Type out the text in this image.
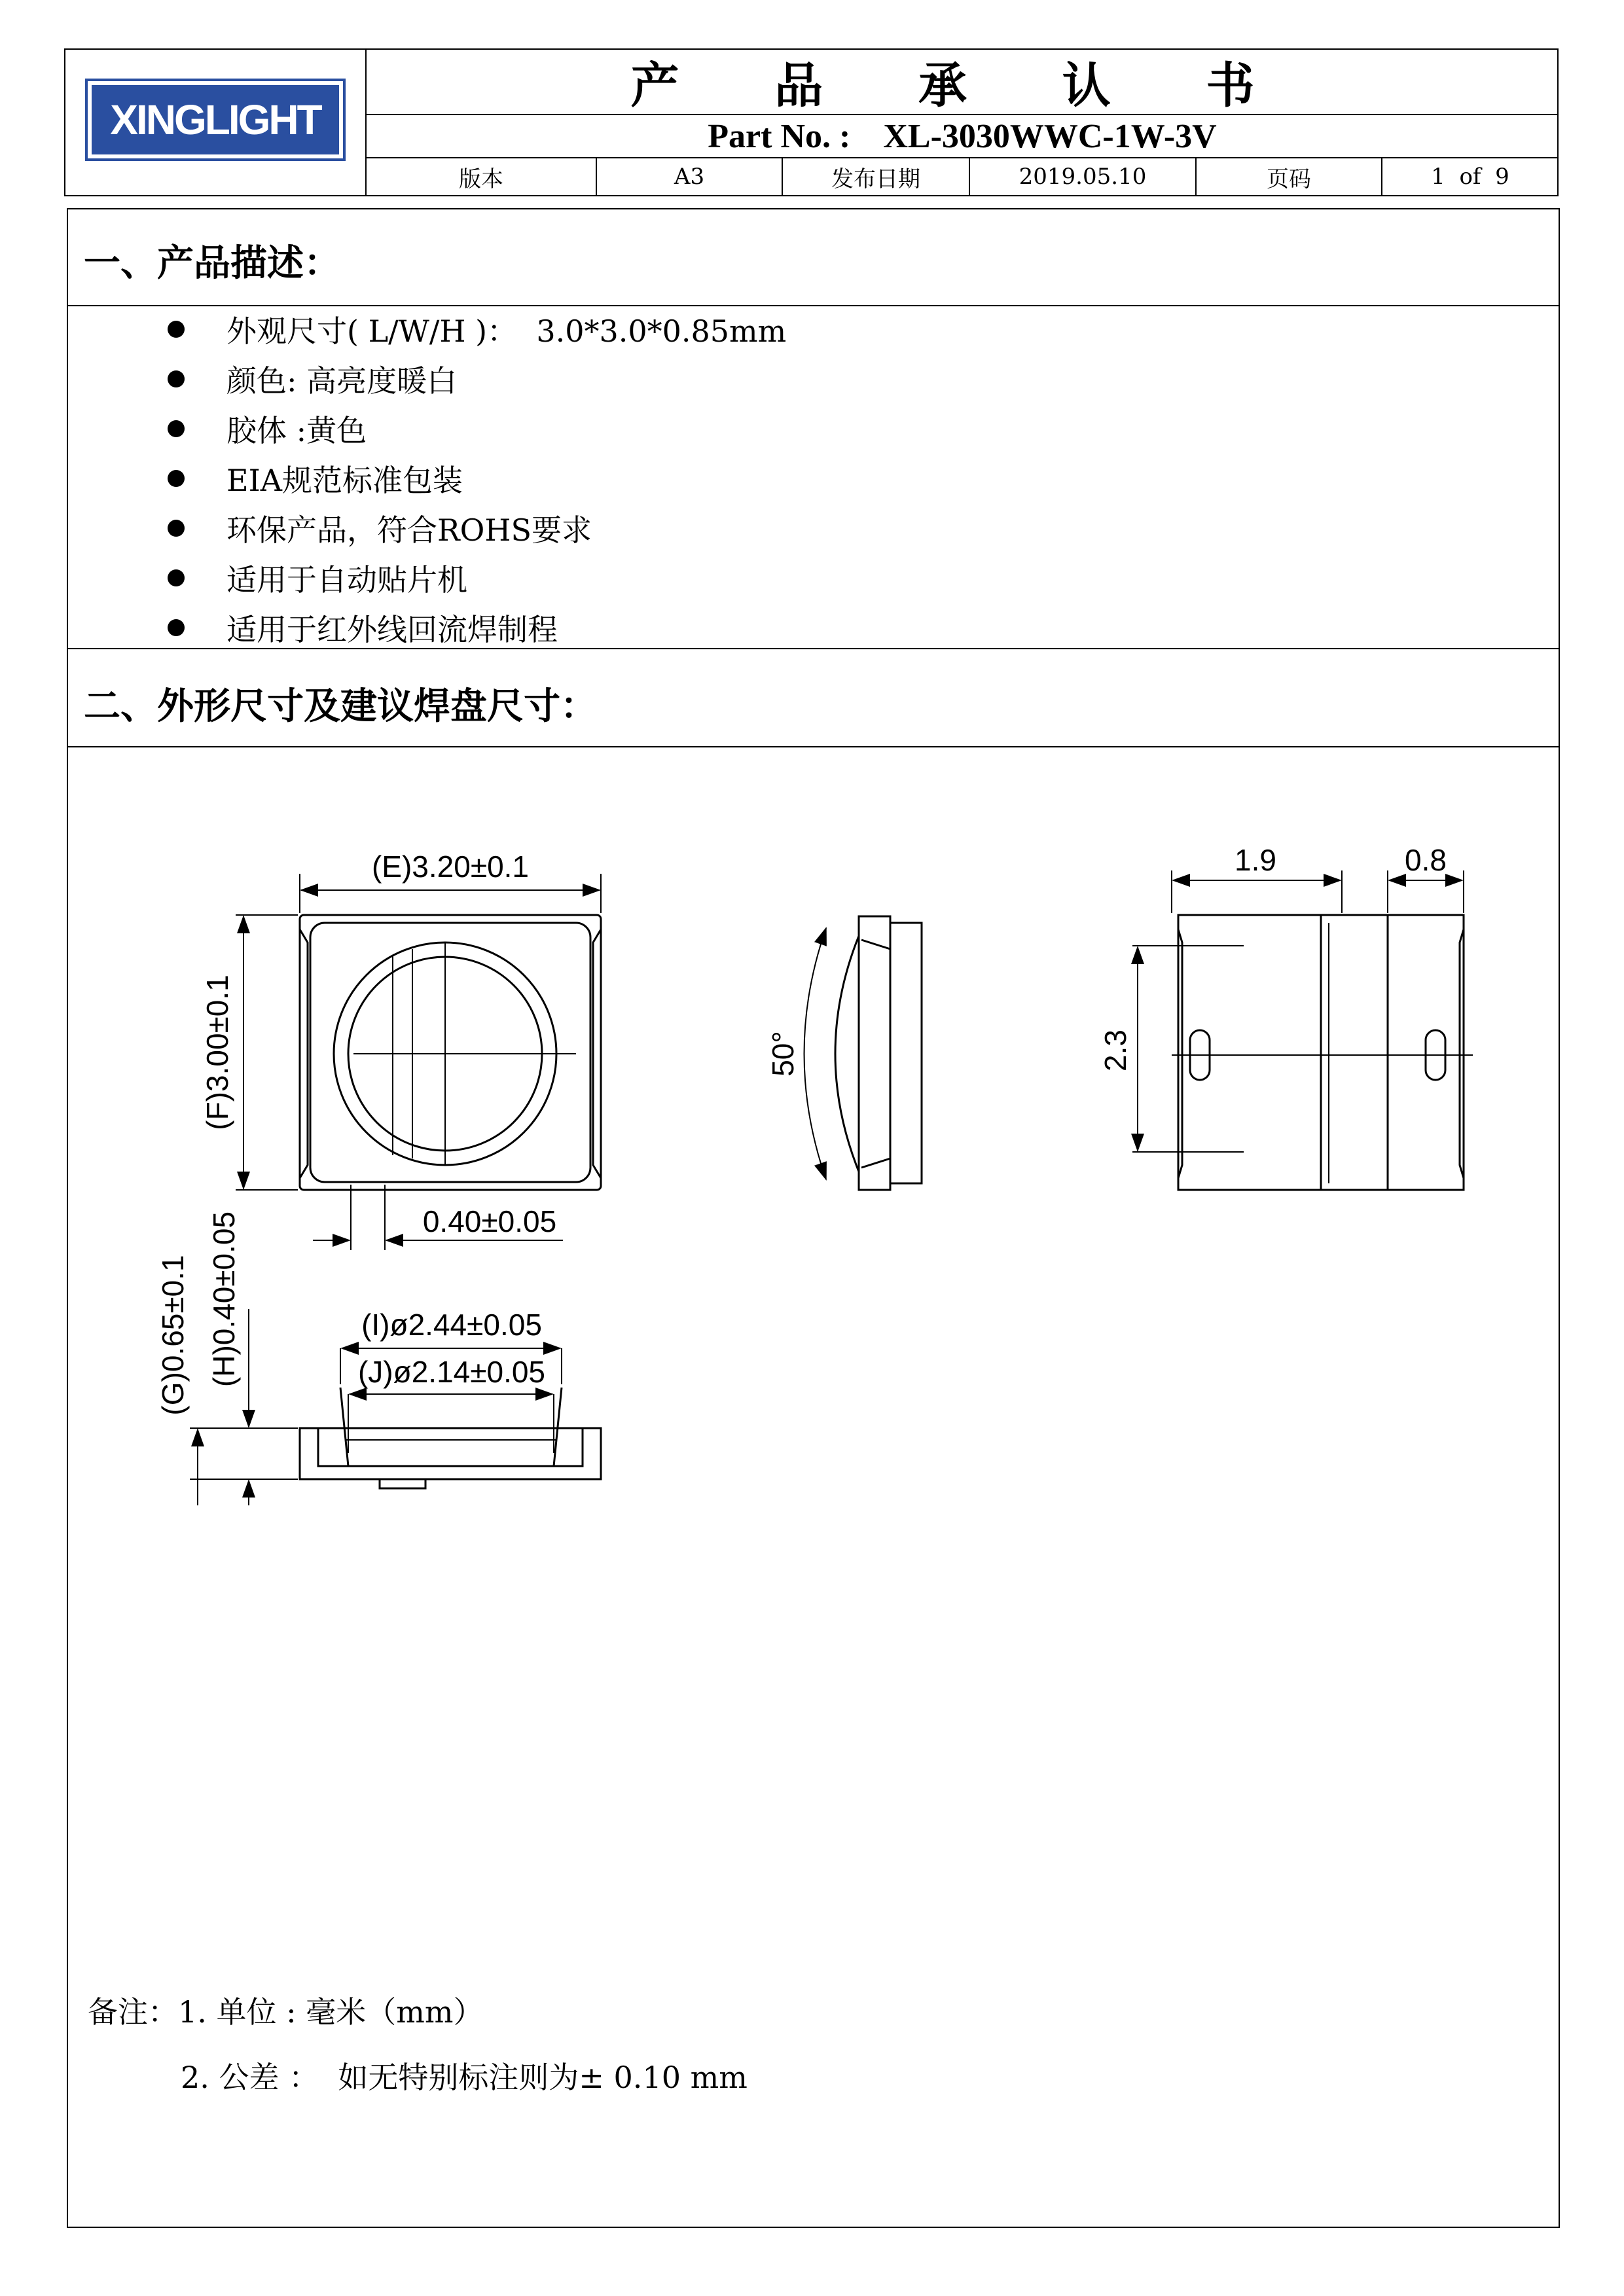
XINGLIGHT
产 品 承 认 书
Part No. : XL-3030WWC-1W-3V
版本	A3	发布日期	2019.05.10	页码	1  of  9
一、产品描述：
外观尺寸( L/W/H )：  3.0*3.0*0.85mm
颜色: 高亮度暖白
胶体 :黄色
EIA规范标准包装
环保产品，符合ROHS要求
适用于自动贴片机
适用于红外线回流焊制程
二、外形尺寸及建议焊盘尺寸：
(E)3.20±0.1
(F)3.00±0.1
0.40±0.05
50°
1.9	0.8
2.3
(I)ø2.44±0.05
(J)ø2.14±0.05
(G)0.65±0.1 (H)0.40±0.05
备注：1. 单位 : 毫米（mm）
2. 公差 ：  如无特别标注则为± 0.10 mm
